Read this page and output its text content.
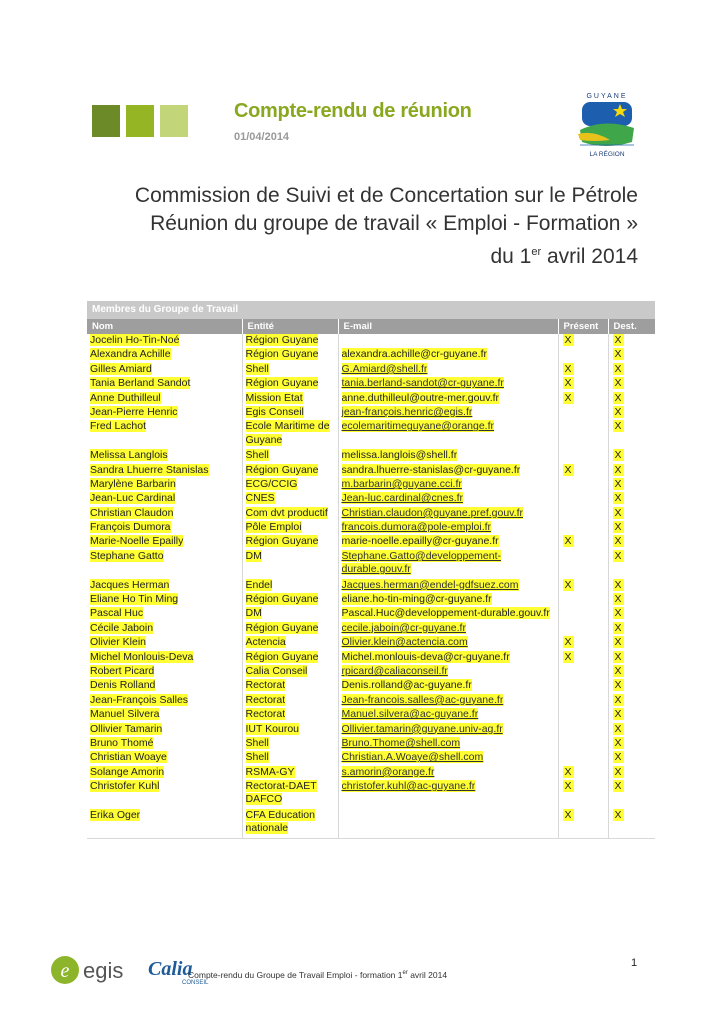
Compte-rendu de réunion
01/04/2014
GUYANE
LA RÉGION
Commission de Suivi et de Concertation sur le Pétrole
Réunion du groupe de travail « Emploi - Formation »
du 1er avril 2014
Membres du Groupe de Travail				
Nom	Entité	E-mail	Présent	Dest.
Jocelin Ho-Tin-Noé	Région Guyane		X	X
Alexandra Achille	Région Guyane	alexandra.achille@cr-guyane.fr		X
Gilles Amiard	Shell	G.Amiard@shell.fr	X	X
Tania Berland Sandot	Région Guyane	tania.berland-sandot@cr-guyane.fr	X	X
Anne Duthilleul	Mission Etat	anne.duthilleul@outre-mer.gouv.fr	X	X
Jean-Pierre Henric	Egis Conseil	jean-françois.henric@egis.fr		X
Fred Lachot	Ecole Maritime de Guyane	ecolemaritimeguyane@orange.fr		X
Melissa Langlois	Shell	melissa.langlois@shell.fr		X
Sandra Lhuerre Stanislas	Région Guyane	sandra.lhuerre-stanislas@cr-guyane.fr	X	X
Marylène Barbarin	ECG/CCIG	m.barbarin@guyane.cci.fr		X
Jean-Luc Cardinal	CNES	Jean-luc.cardinal@cnes.fr		X
Christian Claudon	Com dvt productif	Christian.claudon@guyane.pref.gouv.fr		X
François Dumora	Pôle Emploi	francois.dumora@pole-emploi.fr		X
Marie-Noelle Epailly	Région Guyane	marie-noelle.epailly@cr-guyane.fr	X	X
Stephane Gatto	DM	Stephane.Gatto@developpement-durable.gouv.fr		X
Jacques Herman	Endel	Jacques.herman@endel-gdfsuez.com	X	X
Eliane Ho Tin Ming	Région Guyane	eliane.ho-tin-ming@cr-guyane.fr		X
Pascal Huc	DM	Pascal.Huc@developpement-durable.gouv.fr		X
Cécile Jaboin	Région Guyane	cecile.jaboin@cr-guyane.fr		X
Olivier Klein	Actencia	Olivier.klein@actencia.com	X	X
Michel Monlouis-Deva	Région Guyane	Michel.monlouis-deva@cr-guyane.fr	X	X
Robert Picard	Calia Conseil	rpicard@caliaconseil.fr		X
Denis Rolland	Rectorat	Denis.rolland@ac-guyane.fr		X
Jean-François Salles	Rectorat	Jean-francois.salles@ac-guyane.fr		X
Manuel Silvera	Rectorat	Manuel.silvera@ac-guyane.fr		X
Ollivier Tamarin	IUT Kourou	Ollivier.tamarin@guyane.univ-ag.fr		X
Bruno Thomé	Shell	Bruno.Thome@shell.com		X
Christian Woaye	Shell	Christian.A.Woaye@shell.com		X
Solange Amorin	RSMA-GY	s.amorin@orange.fr	X	X
Christofer Kuhl	Rectorat-DAET DAFCO	christofer.kuhl@ac-guyane.fr	X	X
Erika Oger	CFA Education nationale		X	X
e egis Calia
CONSEIL
1
Compte-rendu du Groupe de Travail Emploi - formation 1er avril 2014
